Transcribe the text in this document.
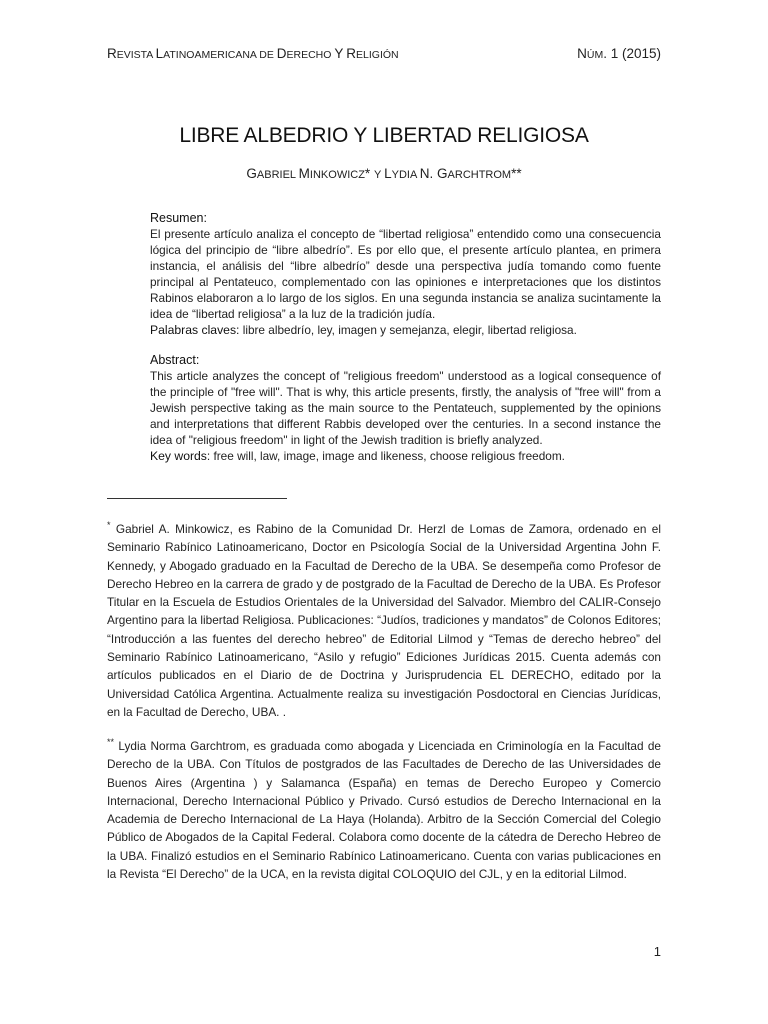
REVISTA LATINOAMERICANA DE DERECHO Y RELIGIÓN	NÚM. 1 (2015)
LIBRE ALBEDRIO Y LIBERTAD RELIGIOSA
GABRIEL MINKOWICZ* Y LYDIA N. GARCHTROM**
Resumen:

El presente artículo analiza el concepto de “libertad religiosa” entendido como una consecuencia lógica del principio de “libre albedrío”. Es por ello que, el presente artículo plantea, en primera instancia, el análisis del “libre albedrío” desde una perspectiva judía tomando como fuente principal al Pentateuco, complementado con las opiniones e interpretaciones que los distintos Rabinos elaboraron a lo largo de los siglos. En una segunda instancia se analiza sucintamente la idea de “libertad religiosa” a la luz de la tradición judía.

Palabras claves: libre albedrío, ley, imagen y semejanza, elegir, libertad religiosa.

Abstract:

This article analyzes the concept of "religious freedom" understood as a logical consequence of the principle of "free will". That is why, this article presents, firstly, the analysis of "free will" from a Jewish perspective taking as the main source to the Pentateuch, supplemented by the opinions and interpretations that different Rabbis developed over the centuries. In a second instance the idea of "religious freedom" in light of the Jewish tradition is briefly analyzed.

Key words: free will, law, image, image and likeness, choose religious freedom.

* Gabriel A. Minkowicz, es Rabino de la Comunidad Dr. Herzl de Lomas de Zamora, ordenado en el Seminario Rabínico Latinoamericano, Doctor en Psicología Social de la Universidad Argentina John F. Kennedy, y Abogado graduado en la Facultad de Derecho de la UBA. Se desempeña como Profesor de Derecho Hebreo en la carrera de grado y de postgrado de la Facultad de Derecho de la UBA. Es Profesor Titular en la Escuela de Estudios Orientales de la Universidad del Salvador. Miembro del CALIR-Consejo Argentino para la libertad Religiosa. Publicaciones: “Judíos, tradiciones y mandatos” de Colonos Editores; “Introducción a las fuentes del derecho hebreo” de Editorial Lilmod y “Temas de derecho hebreo” del Seminario Rabínico Latinoamericano, “Asilo y refugio” Ediciones Jurídicas 2015. Cuenta además con artículos publicados en el Diario de de Doctrina y Jurisprudencia EL DERECHO, editado por la Universidad Católica Argentina. Actualmente realiza su investigación Posdoctoral en Ciencias Jurídicas, en la Facultad de Derecho, UBA. .

** Lydia Norma Garchtrom, es graduada como abogada y Licenciada en Criminología en la Facultad de Derecho de la UBA. Con Títulos de postgrados de las Facultades de Derecho de las Universidades de Buenos Aires (Argentina ) y Salamanca (España) en temas de Derecho Europeo y Comercio Internacional, Derecho Internacional Público y Privado. Cursó estudios de Derecho Internacional en la Academia de Derecho Internacional de La Haya (Holanda). Arbitro de la Sección Comercial del Colegio Público de Abogados de la Capital Federal. Colabora como docente de la cátedra de Derecho Hebreo de la UBA. Finalizó estudios en el Seminario Rabínico Latinoamericano. Cuenta con varias publicaciones en la Revista “El Derecho” de la UCA, en la revista digital COLOQUIO del CJL, y en la editorial Lilmod.

1
